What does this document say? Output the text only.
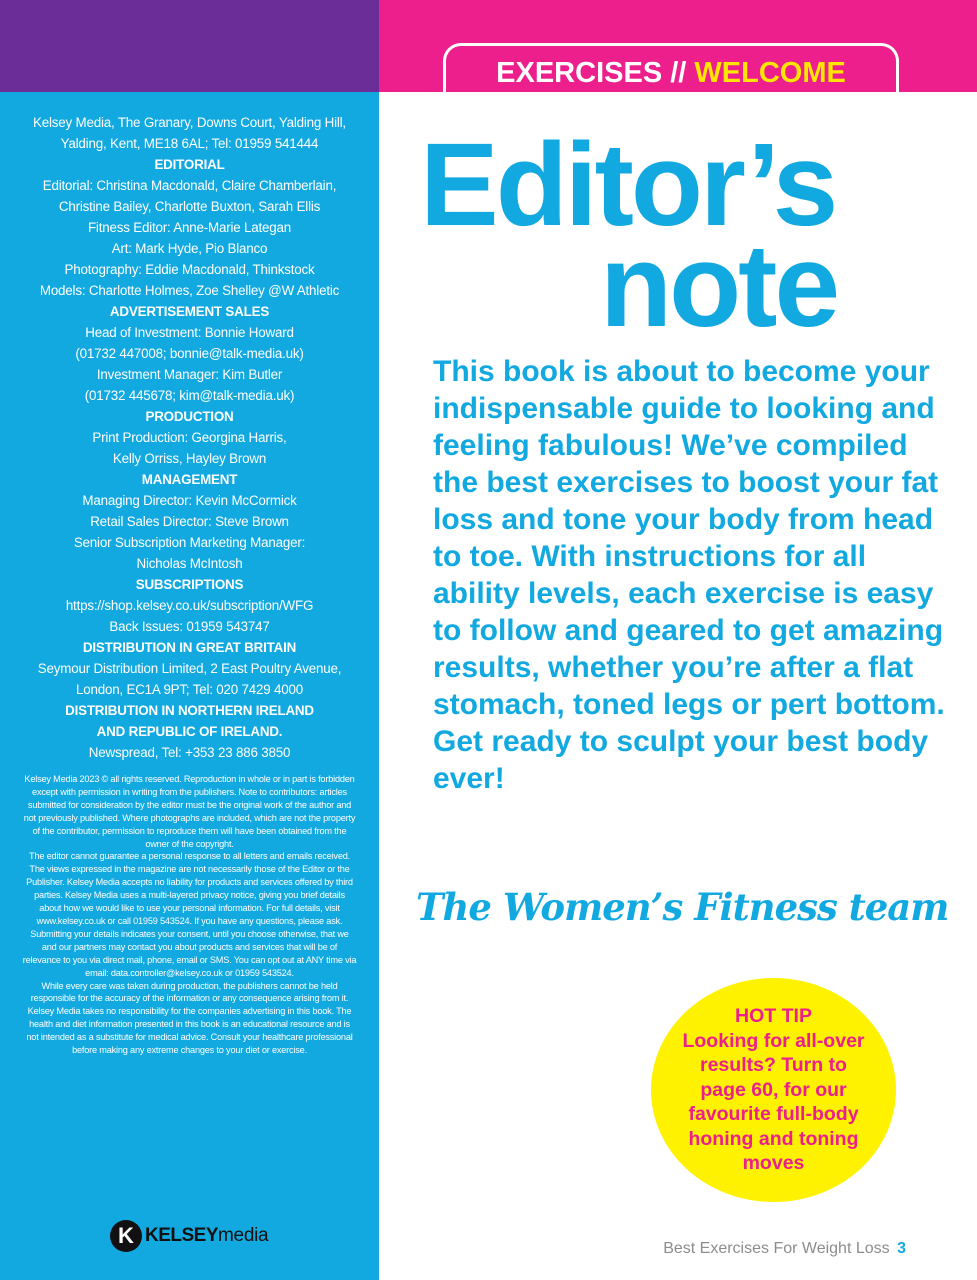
Kelsey Media, The Granary, Downs Court, Yalding Hill, Yalding, Kent, ME18 6AL; Tel: 01959 541444
EDITORIAL
Editorial: Christina Macdonald, Claire Chamberlain,
Christine Bailey, Charlotte Buxton, Sarah Ellis
Fitness Editor: Anne-Marie Lategan
Art: Mark Hyde, Pio Blanco
Photography: Eddie Macdonald, Thinkstock
Models: Charlotte Holmes, Zoe Shelley @W Athletic
ADVERTISEMENT SALES
Head of Investment: Bonnie Howard
(01732 447008; bonnie@talk-media.uk)
Investment Manager: Kim Butler
(01732 445678; kim@talk-media.uk)
PRODUCTION
Print Production: Georgina Harris,
Kelly Orriss, Hayley Brown
MANAGEMENT
Managing Director: Kevin McCormick
Retail Sales Director: Steve Brown
Senior Subscription Marketing Manager:
Nicholas McIntosh
SUBSCRIPTIONS
https://shop.kelsey.co.uk/subscription/WFG
Back Issues: 01959 543747
DISTRIBUTION IN GREAT BRITAIN
Seymour Distribution Limited, 2 East Poultry Avenue,
London, EC1A 9PT; Tel: 020 7429 4000
DISTRIBUTION IN NORTHERN IRELAND
AND REPUBLIC OF IRELAND.
Newspread, Tel: +353 23 886 3850
Kelsey Media 2023 © all rights reserved. Reproduction in whole or in part is forbidden except with permission in writing from the publishers. Note to contributors: articles submitted for consideration by the editor must be the original work of the author and not previously published. Where photographs are included, which are not the property of the contributor, permission to reproduce them will have been obtained from the owner of the copyright.
The editor cannot guarantee a personal response to all letters and emails received. The views expressed in the magazine are not necessarily those of the Editor or the Publisher. Kelsey Media accepts no liability for products and services offered by third parties. Kelsey Media uses a multi-layered privacy notice, giving you brief details about how we would like to use your personal information. For full details, visit www.kelsey.co.uk or call 01959 543524. If you have any questions, please ask. Submitting your details indicates your consent, until you choose otherwise, that we and our partners may contact you about products and services that will be of relevance to you via direct mail, phone, email or SMS. You can opt out at ANY time via
email: data.controller@kelsey.co.uk or 01959 543524.
While every care was taken during production, the publishers cannot be held responsible for the accuracy of the information or any consequence arising from it. Kelsey Media takes no responsibility for the companies advertising in this book. The health and diet information presented in this book is an educational resource and is not intended as a substitute for medical advice. Consult your healthcare professional before making any extreme changes to your diet or exercise.
K KELSEY media
EXERCISES // WELCOME
Editor’s
note
This book is about to become your indispensable guide to looking and feeling fabulous! We’ve compiled the best exercises to boost your fat loss and tone your body from head to toe. With instructions for all ability levels, each exercise is easy to follow and geared to get amazing results, whether you’re after a flat stomach, toned legs or pert bottom. Get ready to sculpt your best body ever!
The Women’s Fitness team
HOT TIP
Looking for all-over results? Turn to page 60, for our favourite full-body honing and toning moves
Best Exercises For Weight Loss 3
